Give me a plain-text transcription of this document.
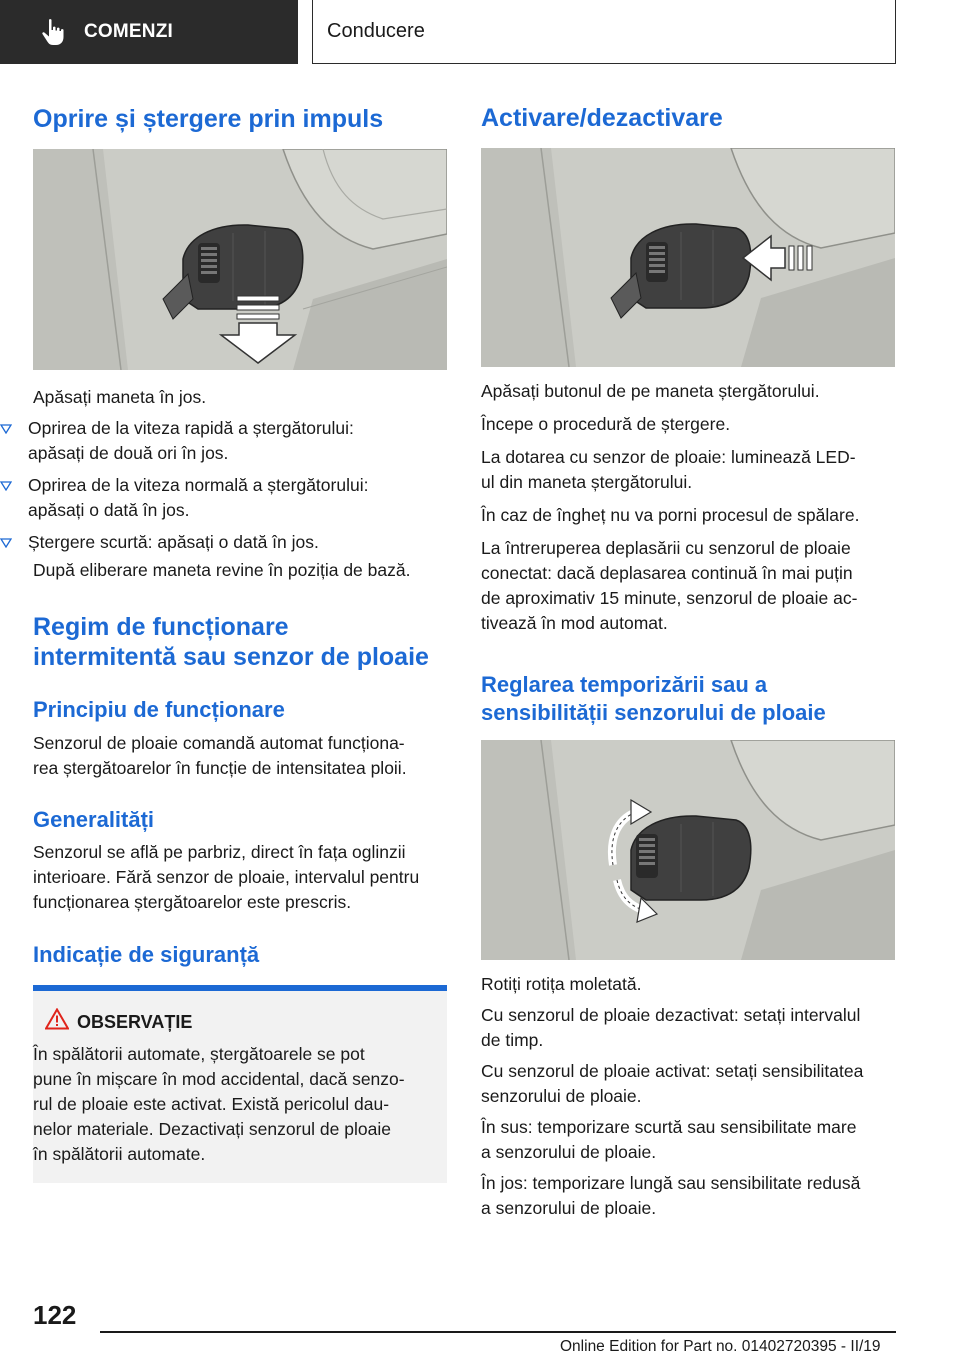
COMENZI	Conducere
Oprire și ștergere prin impuls
Apăsați maneta în jos.
Oprirea de la viteza rapidă a ștergătorului:
apăsați de două ori în jos.
Oprirea de la viteza normală a ștergătorului:
apăsați o dată în jos.
Ștergere scurtă: apăsați o dată în jos.
După eliberare maneta revine în poziția de bază.
Regim de funcționare
intermitentă sau senzor de ploaie
Principiu de funcționare
Senzorul de ploaie comandă automat funcționa-
rea ștergătoarelor în funcție de intensitatea ploii.
Generalități
Senzorul se află pe parbriz, direct în fața oglinzii
interioare. Fără senzor de ploaie, intervalul pentru
funcționarea ștergătoarelor este prescris.
Indicație de siguranță
OBSERVAȚIE
În spălătorii automate, ștergătoarele se pot
pune în mișcare în mod accidental, dacă senzo-
rul de ploaie este activat. Există pericolul dau-
nelor materiale. Dezactivați senzorul de ploaie
în spălătorii automate.
Activare/dezactivare
Apăsați butonul de pe maneta ștergătorului.
Începe o procedură de ștergere.
La dotarea cu senzor de ploaie: luminează LED-
ul din maneta ștergătorului.
În caz de îngheț nu va porni procesul de spălare.
La întreruperea deplasării cu senzorul de ploaie
conectat: dacă deplasarea continuă în mai puțin
de aproximativ 15 minute, senzorul de ploaie ac-
tivează în mod automat.
Reglarea temporizării sau a
sensibilității senzorului de ploaie
Rotiți rotița moletată.
Cu senzorul de ploaie dezactivat: setați intervalul
de timp.
Cu senzorul de ploaie activat: setați sensibilitatea
senzorului de ploaie.
În sus: temporizare scurtă sau sensibilitate mare
a senzorului de ploaie.
În jos: temporizare lungă sau sensibilitate redusă
a senzorului de ploaie.
122
Online Edition for Part no. 01402720395 - II/19
